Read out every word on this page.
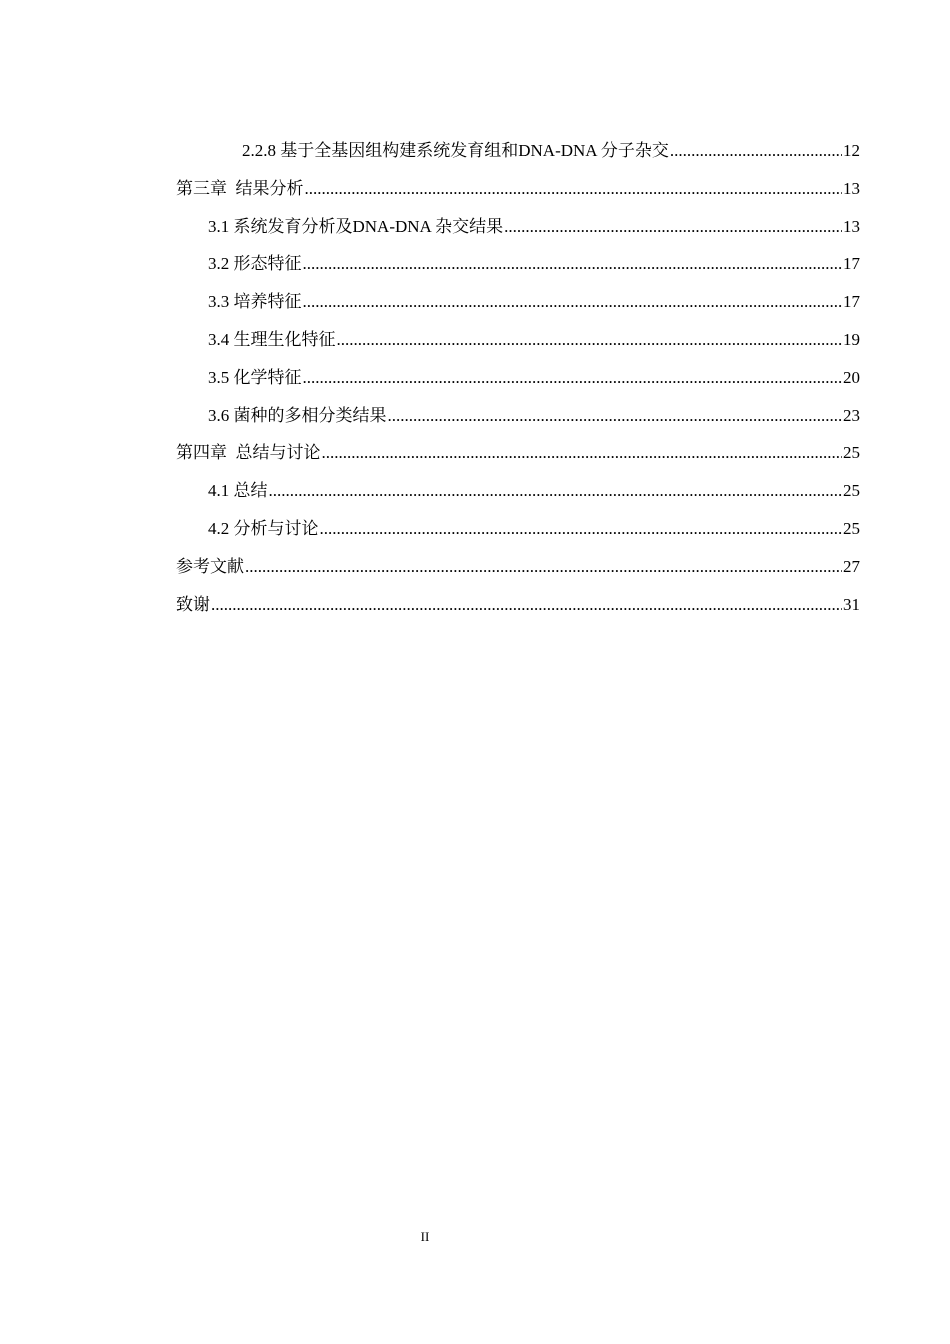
2.2.8 基于全基因组构建系统发育组和DNA-DNA 分子杂交 .....	12
第三章  结果分析 .....	13
3.1 系统发育分析及DNA-DNA 杂交结果 .....	13
3.2 形态特征 .....	17
3.3 培养特征 .....	17
3.4 生理生化特征 .....	19
3.5 化学特征 .....	20
3.6 菌种的多相分类结果 .....	23
第四章  总结与讨论 .....	25
4.1 总结 .....	25
4.2 分析与讨论 .....	25
参考文献 .....	27
致谢 .....	31
II
